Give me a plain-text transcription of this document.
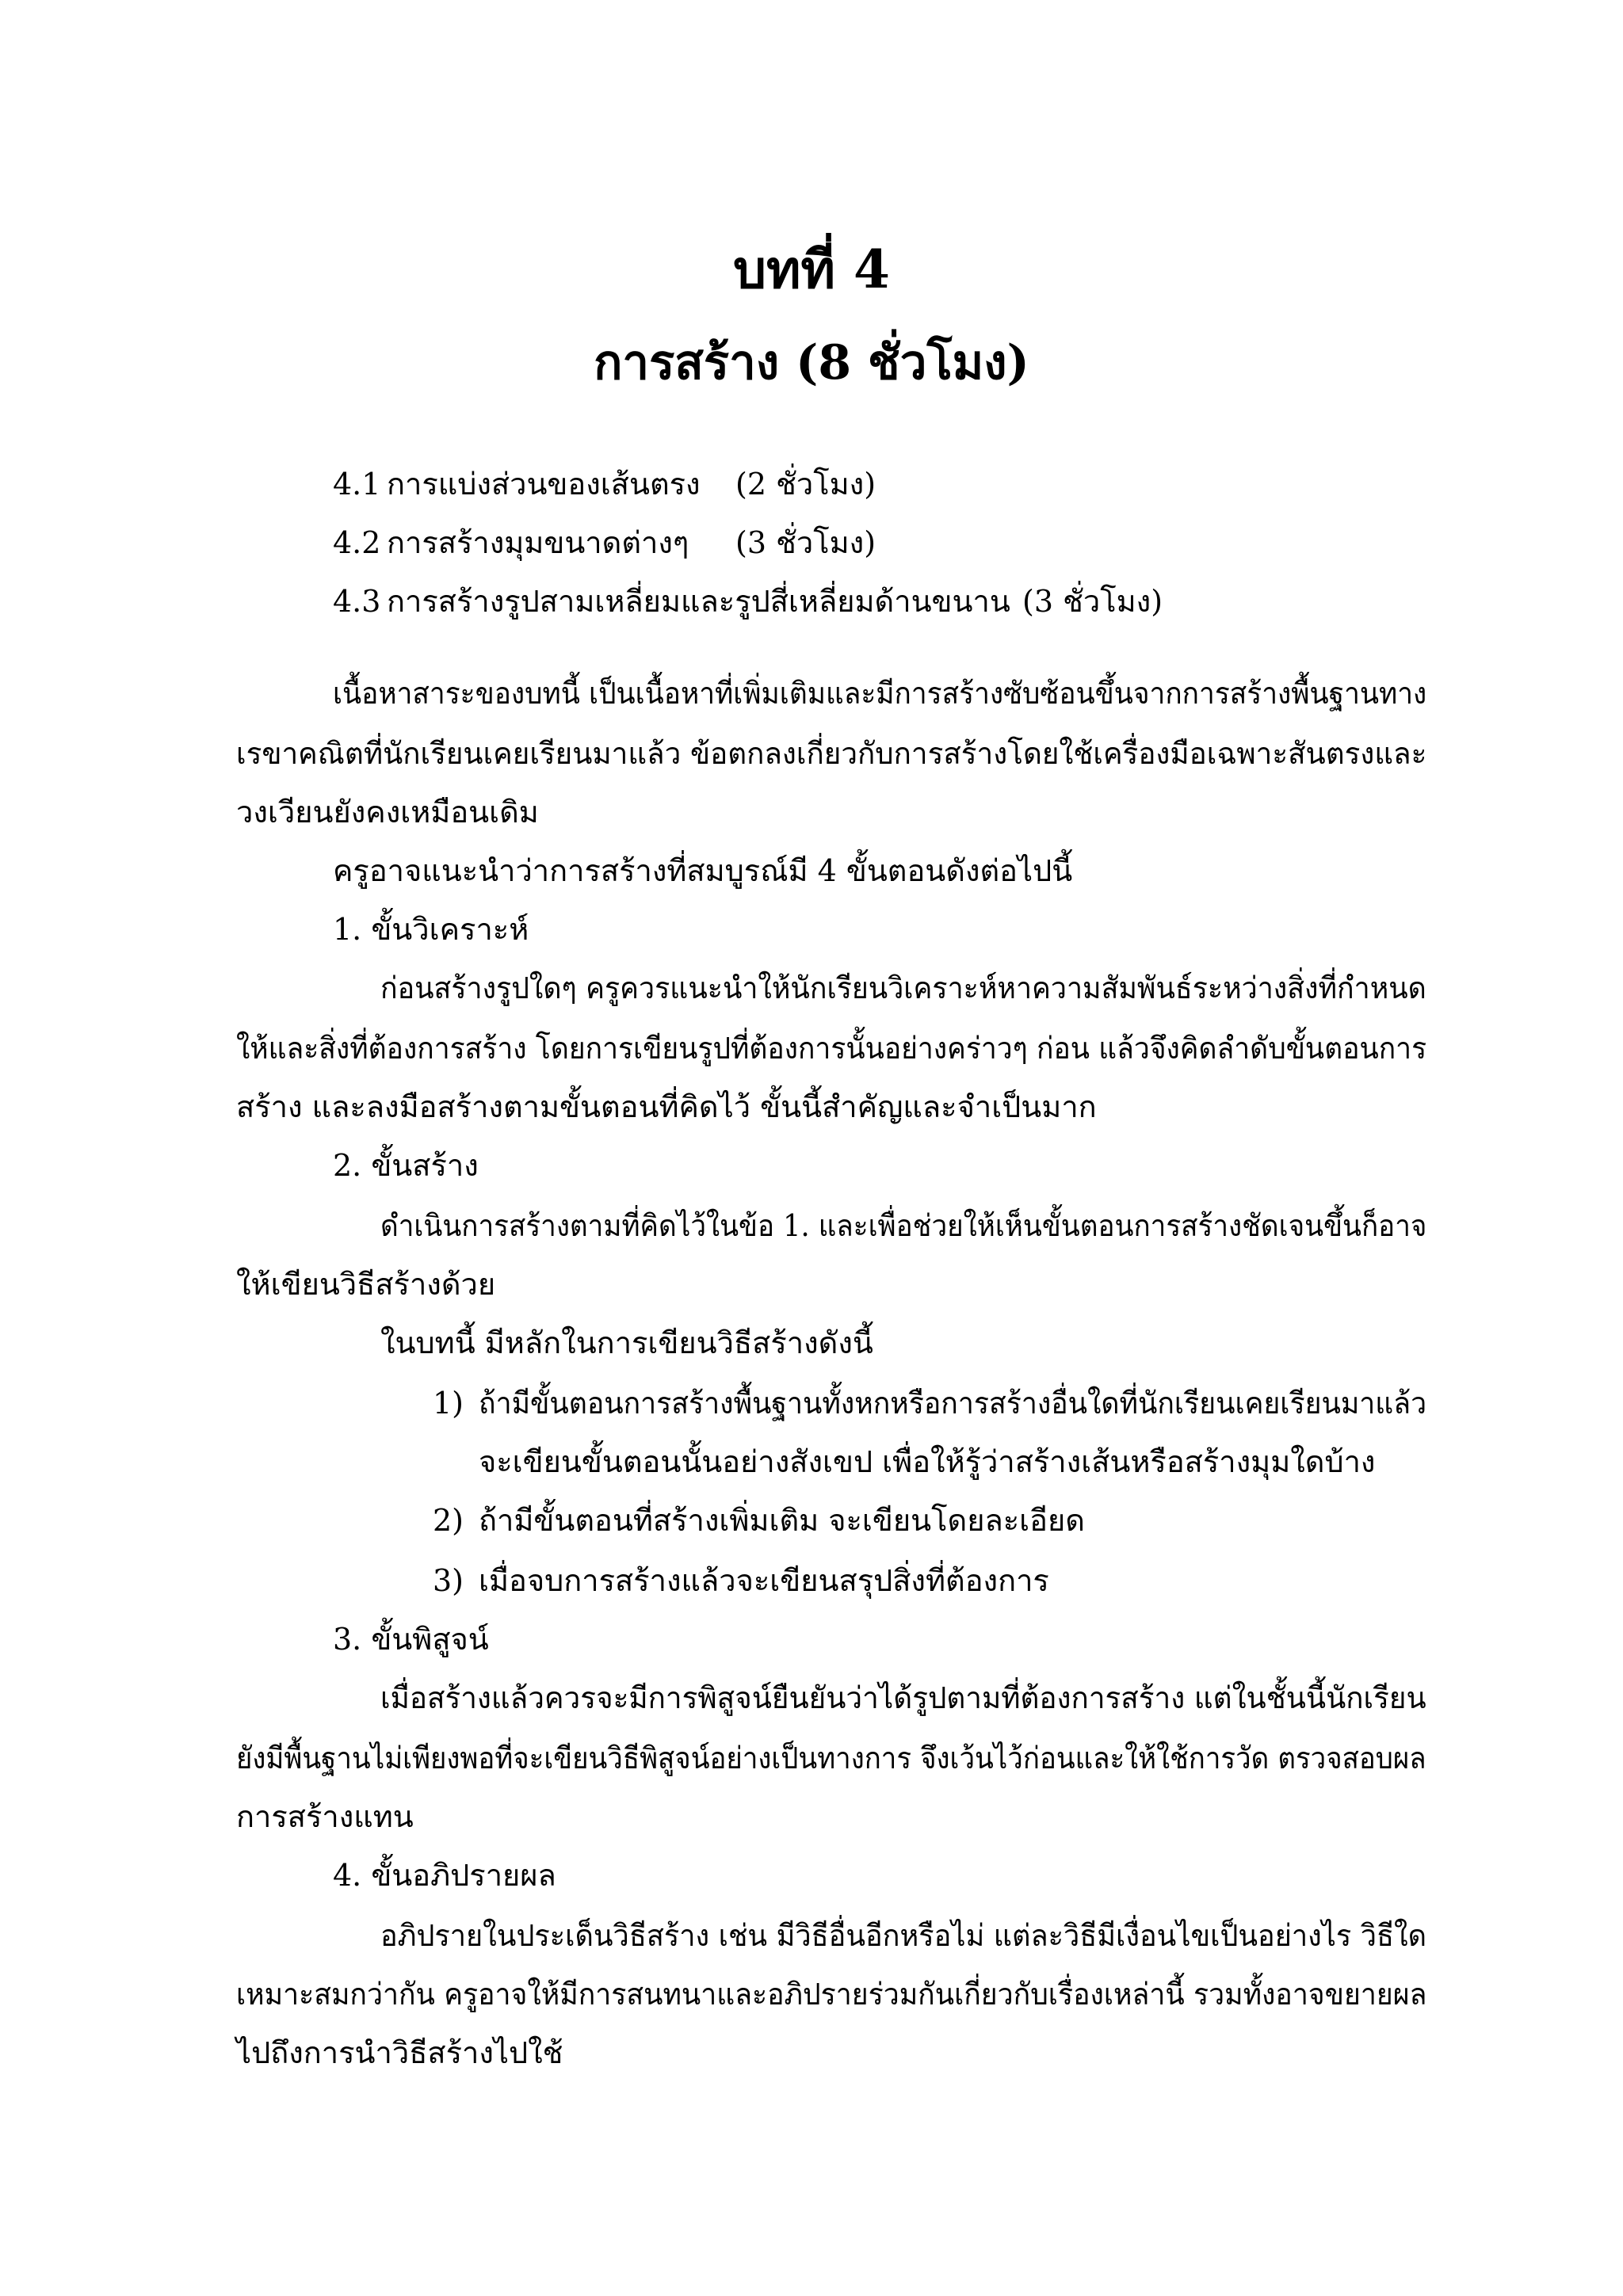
บทที่ 4
การสร้าง (8 ชั่วโมง)
4.1 การแบ่งส่วนของเส้นตรง (2 ชั่วโมง)
4.2 การสร้างมุมขนาดต่างๆ (3 ชั่วโมง)
4.3 การสร้างรูปสามเหลี่ยมและรูปสี่เหลี่ยมด้านขนาน (3 ชั่วโมง)
เนื้อหาสาระของบทนี้ เป็นเนื้อหาที่เพิ่มเติมและมีการสร้างซับซ้อนขึ้นจากการสร้างพื้นฐานทาง
เรขาคณิตที่นักเรียนเคยเรียนมาแล้ว ข้อตกลงเกี่ยวกับการสร้างโดยใช้เครื่องมือเฉพาะสันตรงและ
วงเวียนยังคงเหมือนเดิม
ครูอาจแนะนำว่าการสร้างที่สมบูรณ์มี 4 ขั้นตอนดังต่อไปนี้
1. ขั้นวิเคราะห์
ก่อนสร้างรูปใดๆ ครูควรแนะนำให้นักเรียนวิเคราะห์หาความสัมพันธ์ระหว่างสิ่งที่กำหนด
ให้และสิ่งที่ต้องการสร้าง โดยการเขียนรูปที่ต้องการนั้นอย่างคร่าวๆ ก่อน แล้วจึงคิดลำดับขั้นตอนการ
สร้าง และลงมือสร้างตามขั้นตอนที่คิดไว้ ขั้นนี้สำคัญและจำเป็นมาก
2. ขั้นสร้าง
ดำเนินการสร้างตามที่คิดไว้ในข้อ 1. และเพื่อช่วยให้เห็นขั้นตอนการสร้างชัดเจนขึ้นก็อาจ
ให้เขียนวิธีสร้างด้วย
ในบทนี้ มีหลักในการเขียนวิธีสร้างดังนี้
1) ถ้ามีขั้นตอนการสร้างพื้นฐานทั้งหกหรือการสร้างอื่นใดที่นักเรียนเคยเรียนมาแล้ว
จะเขียนขั้นตอนนั้นอย่างสังเขป เพื่อให้รู้ว่าสร้างเส้นหรือสร้างมุมใดบ้าง
2) ถ้ามีขั้นตอนที่สร้างเพิ่มเติม จะเขียนโดยละเอียด
3) เมื่อจบการสร้างแล้วจะเขียนสรุปสิ่งที่ต้องการ
3. ขั้นพิสูจน์
เมื่อสร้างแล้วควรจะมีการพิสูจน์ยืนยันว่าได้รูปตามที่ต้องการสร้าง แต่ในชั้นนี้นักเรียน
ยังมีพื้นฐานไม่เพียงพอที่จะเขียนวิธีพิสูจน์อย่างเป็นทางการ จึงเว้นไว้ก่อนและให้ใช้การวัด ตรวจสอบผล
การสร้างแทน
4. ขั้นอภิปรายผล
อภิปรายในประเด็นวิธีสร้าง เช่น มีวิธีอื่นอีกหรือไม่ แต่ละวิธีมีเงื่อนไขเป็นอย่างไร วิธีใด
เหมาะสมกว่ากัน ครูอาจให้มีการสนทนาและอภิปรายร่วมกันเกี่ยวกับเรื่องเหล่านี้ รวมทั้งอาจขยายผล
ไปถึงการนำวิธีสร้างไปใช้
